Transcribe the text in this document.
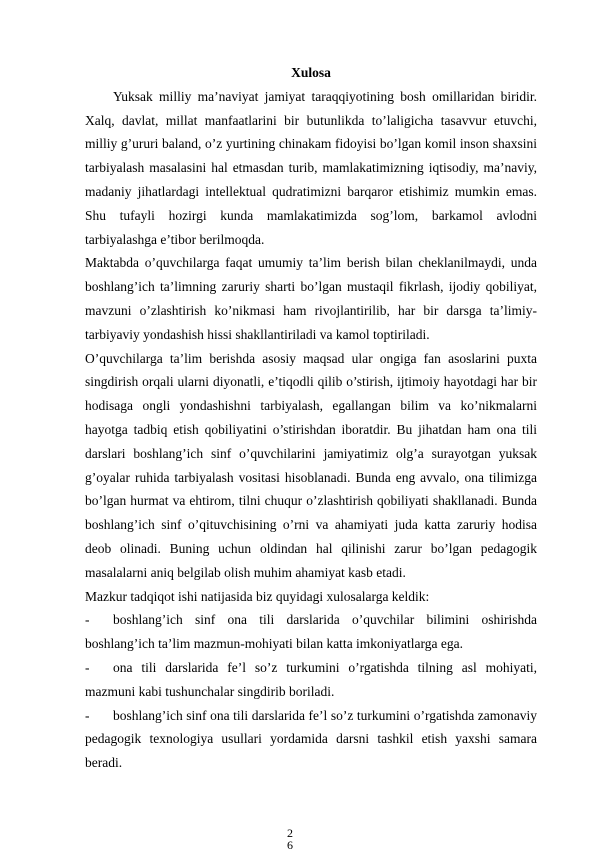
Xulosa

Yuksak milliy ma’naviyat jamiyat taraqqiyotining bosh omillaridan biridir. Xalq, davlat, millat manfaatlarini bir butunlikda to’laligicha tasavvur etuvchi, milliy g’ururi baland, o’z yurtining chinakam fidoyisi bo’lgan komil inson shaxsini tarbiyalash masalasini hal etmasdan turib, mamlakatimizning iqtisodiy, ma’naviy, madaniy jihatlardagi intellektual qudratimizni barqaror etishimiz mumkin emas. Shu tufayli hozirgi kunda mamlakatimizda sog’lom, barkamol avlodni tarbiyalashga e’tibor berilmoqda.

Maktabda o’quvchilarga faqat umumiy ta’lim berish bilan cheklanilmaydi, unda boshlang’ich ta’limning zaruriy sharti bo’lgan mustaqil fikrlash, ijodiy qobiliyat, mavzuni o’zlashtirish ko’nikmasi ham rivojlantirilib, har bir darsga ta’limiy-tarbiyaviy yondashish hissi shakllantiriladi va kamol toptiriladi.

O’quvchilarga ta’lim berishda asosiy maqsad ular ongiga fan asoslarini puxta singdirish orqali ularni diyonatli, e’tiqodli qilib o’stirish, ijtimoiy hayotdagi har bir hodisaga ongli yondashishni tarbiyalash, egallangan bilim va ko’nikmalarni hayotga tadbiq etish qobiliyatini o’stirishdan iboratdir. Bu jihatdan ham ona tili darslari boshlang’ich sinf o’quvchilarini jamiyatimiz olg’a surayotgan yuksak g’oyalar ruhida tarbiyalash vositasi hisoblanadi. Bunda eng avvalo, ona tilimizga bo’lgan hurmat va ehtirom, tilni chuqur o’zlashtirish qobiliyati shakllanadi. Bunda boshlang’ich sinf o’qituvchisining o’rni va ahamiyati juda katta zaruriy hodisa deob olinadi. Buning uchun oldindan hal qilinishi zarur bo’lgan pedagogik masalalarni aniq belgilab olish muhim ahamiyat kasb etadi.

Mazkur tadqiqot ishi natijasida biz quyidagi xulosalarga keldik:

- boshlang’ich sinf ona tili darslarida o’quvchilar bilimini oshirishda boshlang’ich ta’lim mazmun-mohiyati bilan katta imkoniyatlarga ega.

- ona tili darslarida fe’l so’z turkumini o’rgatishda tilning asl mohiyati, mazmuni kabi tushunchalar singdirib boriladi.

- boshlang’ich sinf ona tili darslarida fe’l so’z turkumini o’rgatishda zamonaviy pedagogik texnologiya usullari yordamida darsni tashkil etish yaxshi samara beradi.

2
6
